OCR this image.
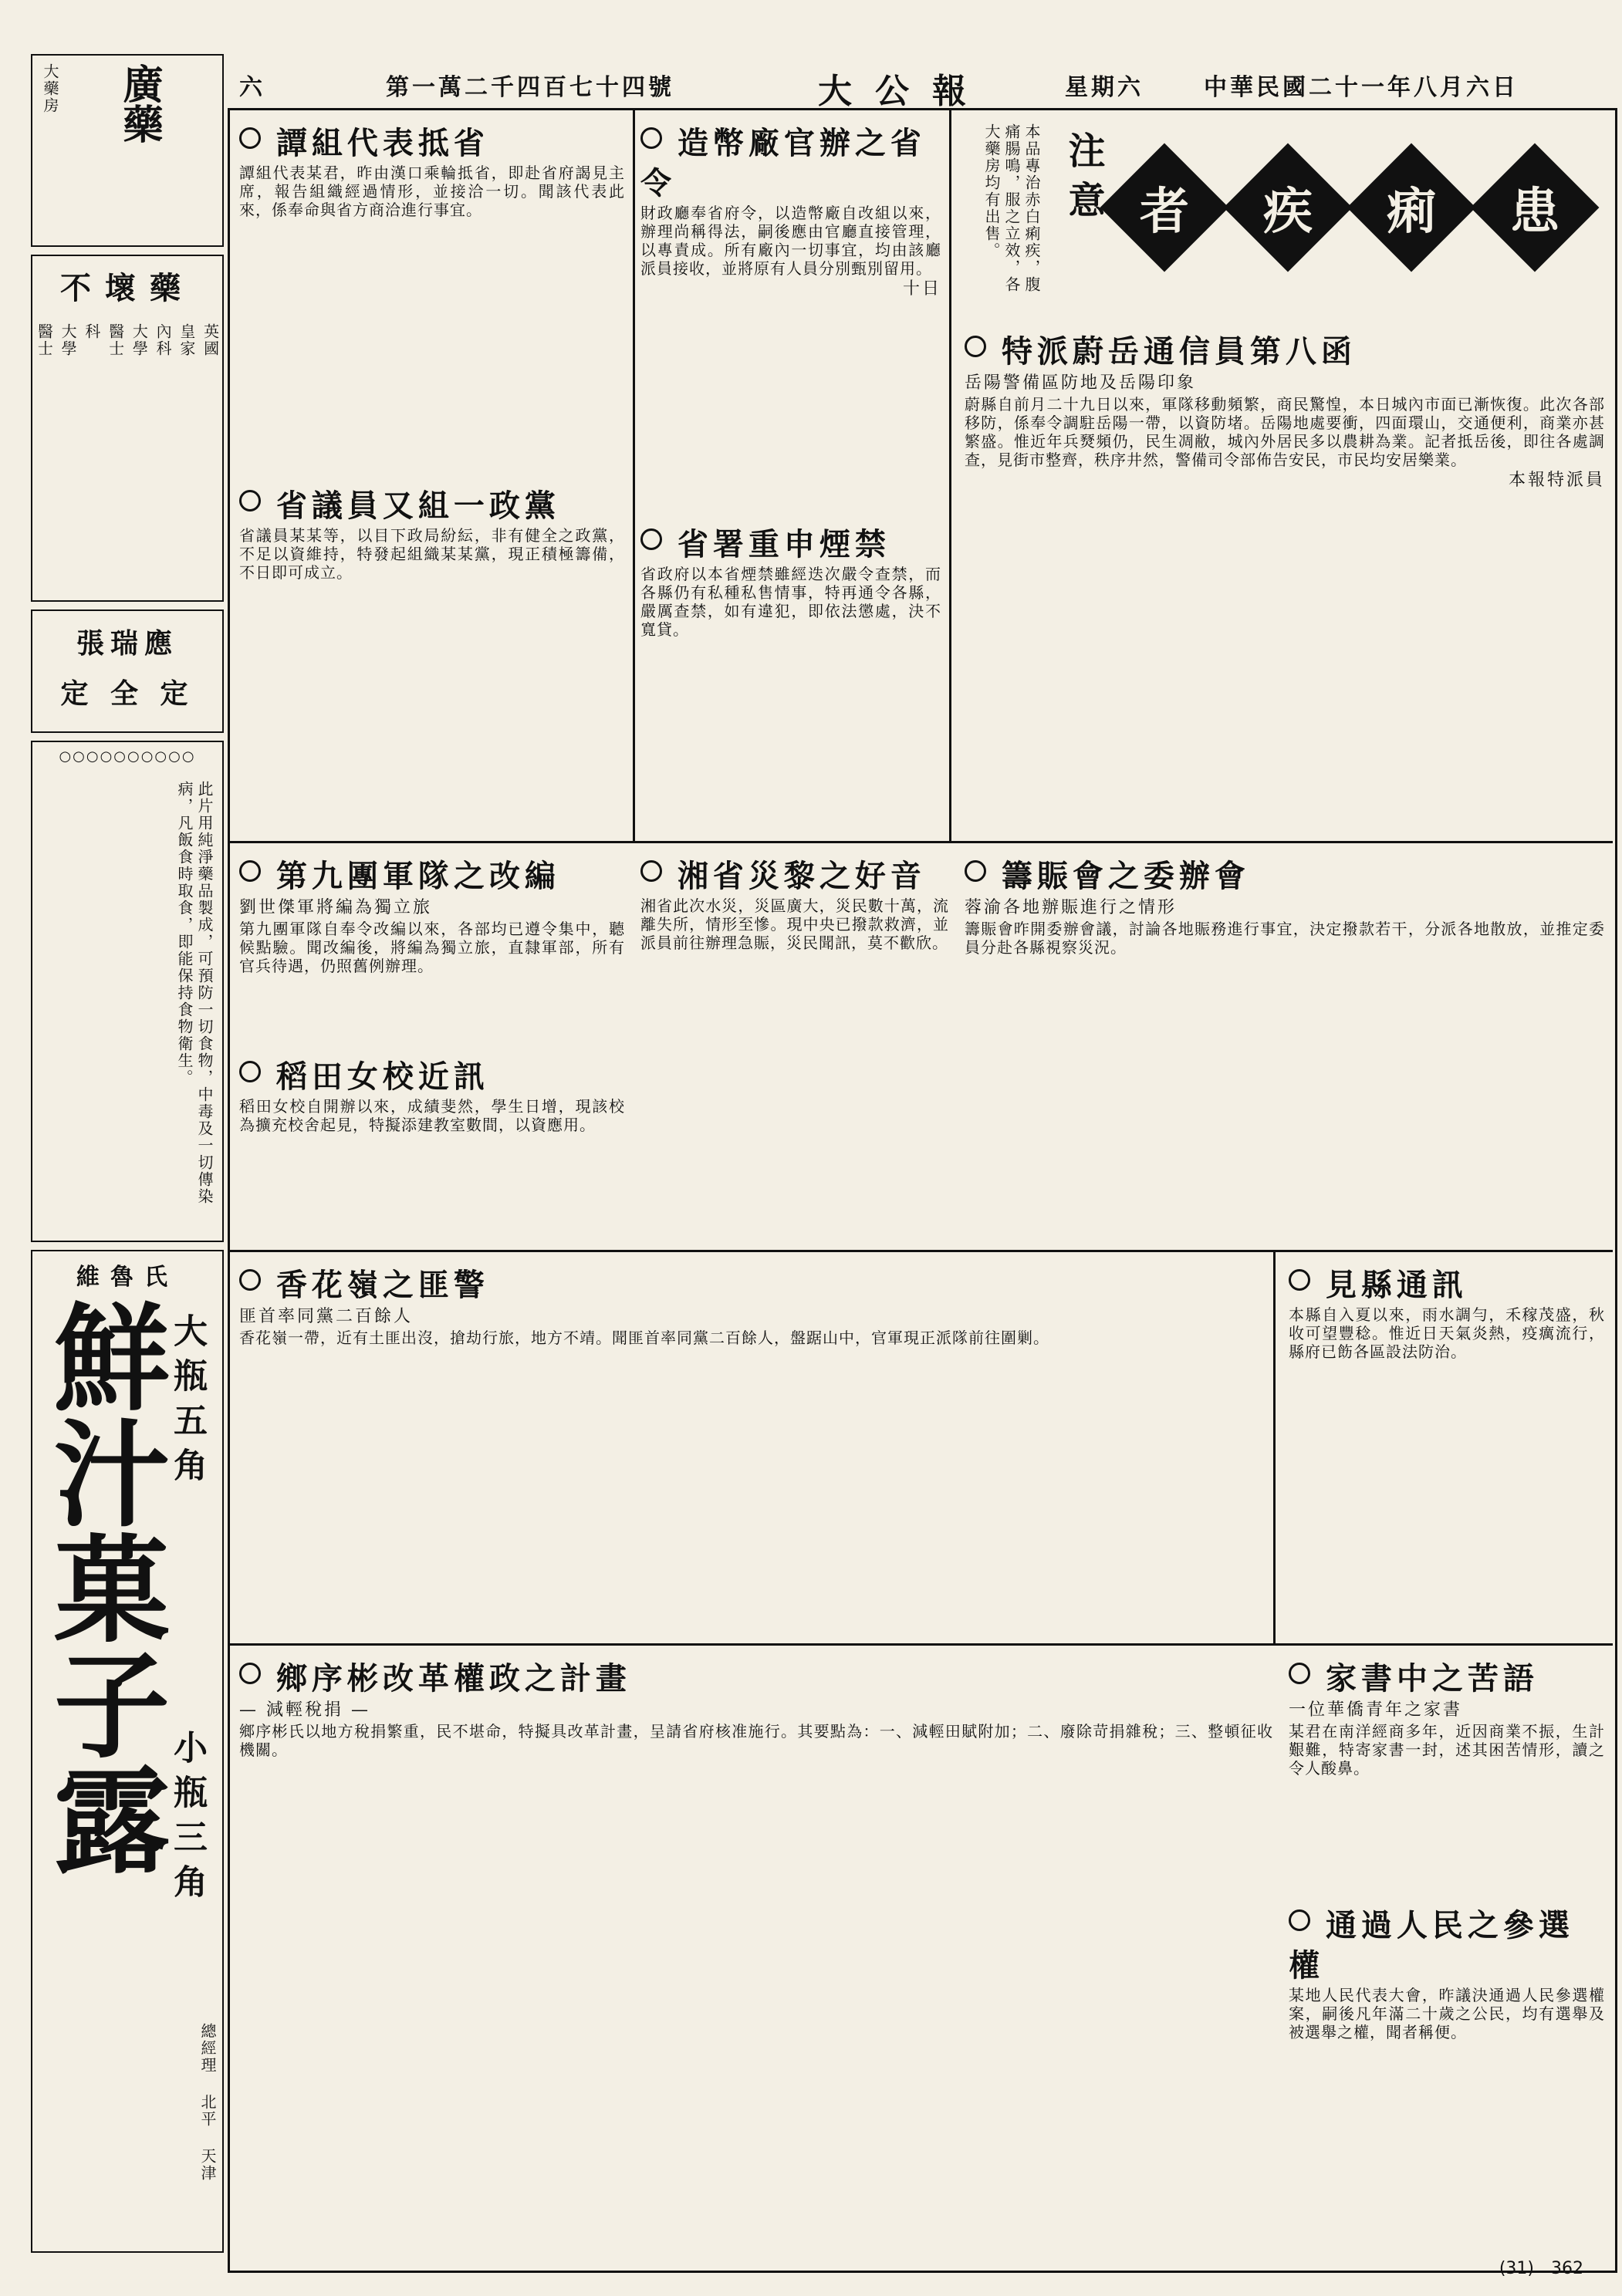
六	第一萬二千四百七十四號	大公報	星期六	中華民國二十一年八月六日
廣藥
大藥房
不壞藥
英國
皇家
內科
大學
醫士
科
大學
醫士
張瑞應
定 全 定
○○○○○○○○○○
此片用純淨藥品製成，可預防一切食物，中毒及一切傳染病，凡飯食時取食，即能保持食物衛生。
維魯氏
鮮汁菓子露
大瓶五角
小瓶三角
總經理 北平 天津
患
痢
疾
者
注意
本品專治赤白痢疾，腹痛腸鳴，服之立效，各大藥房均有出售。
特派蔚岳通信員第八函
岳陽警備區防地及岳陽印象
蔚縣自前月二十九日以來，軍隊移動頻繁，商民驚惶，本日城內市面已漸恢復。此次各部移防，係奉令調駐岳陽一帶，以資防堵。岳陽地處要衝，四面環山，交通便利，商業亦甚繁盛。惟近年兵燹頻仍，民生凋敝，城內外居民多以農耕為業。記者抵岳後，即往各處調查，見街市整齊，秩序井然，警備司令部佈告安民，市民均安居樂業。
本報特派員
造幣廠官辦之省令
財政廳奉省府令，以造幣廠自改組以來，辦理尚稱得法，嗣後應由官廳直接管理，以專責成。所有廠內一切事宜，均由該廳派員接收，並將原有人員分別甄別留用。
十日
省署重申煙禁
省政府以本省煙禁雖經迭次嚴令查禁，而各縣仍有私種私售情事，特再通令各縣，嚴厲查禁，如有違犯，即依法懲處，決不寬貸。
譚組代表抵省
譚組代表某君，昨由漢口乘輪抵省，即赴省府謁見主席，報告組織經過情形，並接洽一切。聞該代表此來，係奉命與省方商洽進行事宜。
省議員又組一政黨
省議員某某等，以目下政局紛紜，非有健全之政黨，不足以資維持，特發起組織某某黨，現正積極籌備，不日即可成立。
籌賑會之委辦會
蓉渝各地辦賑進行之情形
籌賑會昨開委辦會議，討論各地賑務進行事宜，決定撥款若干，分派各地散放，並推定委員分赴各縣視察災況。
湘省災黎之好音
湘省此次水災，災區廣大，災民數十萬，流離失所，情形至慘。現中央已撥款救濟，並派員前往辦理急賑，災民聞訊，莫不歡欣。
第九團軍隊之改編
劉世傑軍將編為獨立旅
第九團軍隊自奉令改編以來，各部均已遵令集中，聽候點驗。聞改編後，將編為獨立旅，直隸軍部，所有官兵待遇，仍照舊例辦理。
稻田女校近訊
稻田女校自開辦以來，成績斐然，學生日增，現該校為擴充校舍起見，特擬添建教室數間，以資應用。
見縣通訊
本縣自入夏以來，雨水調勻，禾稼茂盛，秋收可望豐稔。惟近日天氣炎熱，疫癘流行，縣府已飭各區設法防治。
香花嶺之匪警
匪首率同黨二百餘人
香花嶺一帶，近有土匪出沒，搶劫行旅，地方不靖。聞匪首率同黨二百餘人，盤踞山中，官軍現正派隊前往圍剿。
家書中之苦語
一位華僑青年之家書
某君在南洋經商多年，近因商業不振，生計艱難，特寄家書一封，述其困苦情形，讀之令人酸鼻。
通過人民之參選權
某地人民代表大會，昨議決通過人民參選權案，嗣後凡年滿二十歲之公民，均有選舉及被選舉之權，聞者稱便。
鄉序彬改革權政之計畫
— 減輕稅捐 —
鄉序彬氏以地方稅捐繁重，民不堪命，特擬具改革計畫，呈請省府核准施行。其要點為：一、減輕田賦附加；二、廢除苛捐雜稅；三、整頓征收機關。
(31)　362
